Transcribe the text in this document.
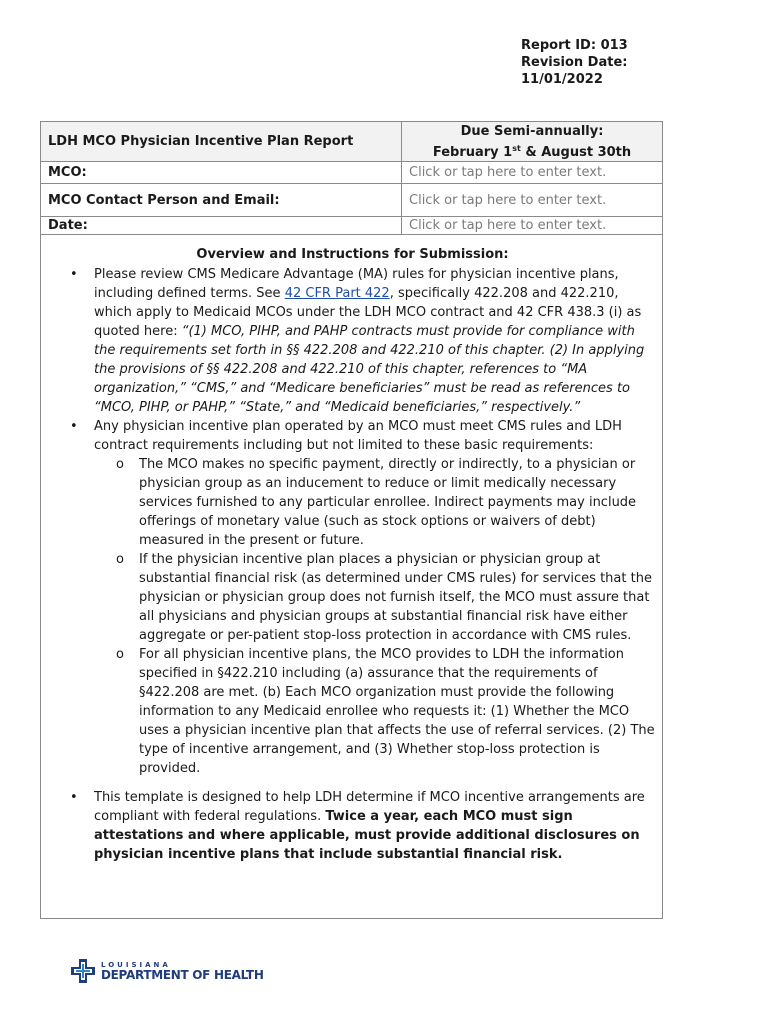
Report ID: 013
Revision Date:
11/01/2022
LDH MCO Physician Incentive Plan Report	Due Semi-annually:
February 1st & August 30th

MCO:	Click or tap here to enter text.
MCO Contact Person and Email:	Click or tap here to enter text.
Date:	Click or tap here to enter text.
Overview and Instructions for Submission:
• Please review CMS Medicare Advantage (MA) rules for physician incentive plans, including defined terms. See 42 CFR Part 422, specifically 422.208 and 422.210, which apply to Medicaid MCOs under the LDH MCO contract and 42 CFR 438.3 (i) as quoted here: “(1) MCO, PIHP, and PAHP contracts must provide for compliance with the requirements set forth in §§ 422.208 and 422.210 of this chapter. (2) In applying the provisions of §§ 422.208 and 422.210 of this chapter, references to “MA organization,” “CMS,” and “Medicare beneficiaries” must be read as references to “MCO, PIHP, or PAHP,” “State,” and “Medicaid beneficiaries,” respectively.”
• Any physician incentive plan operated by an MCO must meet CMS rules and LDH contract requirements including but not limited to these basic requirements:
o The MCO makes no specific payment, directly or indirectly, to a physician or physician group as an inducement to reduce or limit medically necessary services furnished to any particular enrollee. Indirect payments may include offerings of monetary value (such as stock options or waivers of debt) measured in the present or future.
o If the physician incentive plan places a physician or physician group at substantial financial risk (as determined under CMS rules) for services that the physician or physician group does not furnish itself, the MCO must assure that all physicians and physician groups at substantial financial risk have either aggregate or per-patient stop-loss protection in accordance with CMS rules.
o For all physician incentive plans, the MCO provides to LDH the information specified in §422.210 including (a) assurance that the requirements of §422.208 are met. (b) Each MCO organization must provide the following information to any Medicaid enrollee who requests it: (1) Whether the MCO uses a physician incentive plan that affects the use of referral services. (2) The type of incentive arrangement, and (3) Whether stop-loss protection is provided.
• This template is designed to help LDH determine if MCO incentive arrangements are compliant with federal regulations. Twice a year, each MCO must sign attestations and where applicable, must provide additional disclosures on physician incentive plans that include substantial financial risk.
LOUISIANA
DEPARTMENT OF HEALTH
